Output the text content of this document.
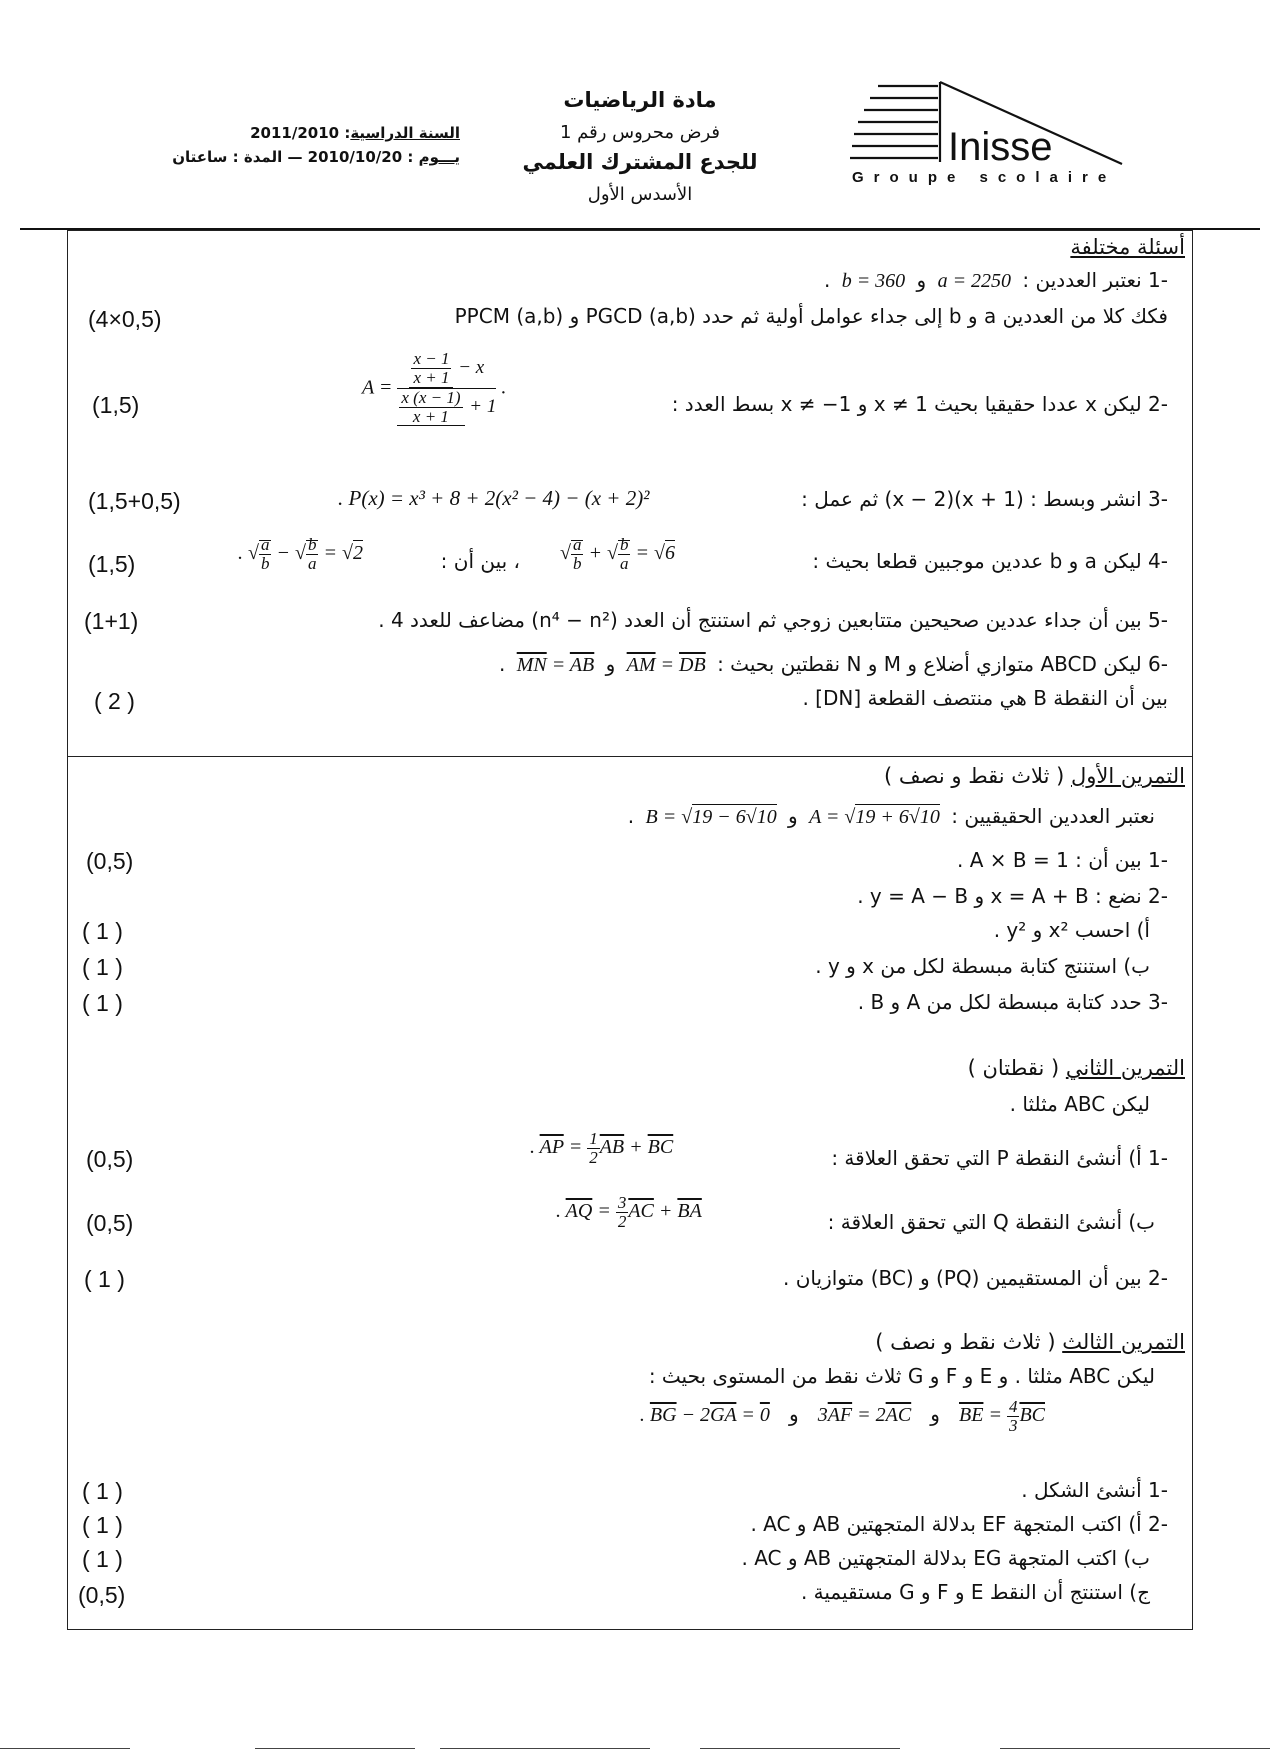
Inisse
Groupe scolaire
مادة الرياضيات
فرض محروس رقم 1
للجدع المشترك العلمي
الأسدس الأول
السنة الدراسية: 2011/2010
يـــوم : 2010/10/20 — المدة : ساعتان
أسئلة مختلفة
-1 نعتبر العددين :  a = 2250  و  b = 360  .
فكك كلا من العددين a و b إلى جداء عوامل أولية ثم حدد PGCD (a,b) و PPCM (a,b)
(4×0,5)
-2 ليكن x عددا حقيقيا بحيث x ≠ 1 و x ≠ −1 بسط العدد :
$A = \frac{\frac{x - 1}{x + 1} - x}{\frac{x (x - 1)}{x + 1} + 1}$ .
(1,5)
-3 انشر وبسط : (x + 1)(x − 2) ثم عمل :
. P(x) = x³ + 8 + 2(x² − 4) − (x + 2)²
(1,5+0,5)
-4 ليكن a و b عددين موجبين قطعا بحيث :
√ $\frac{a}{b}$ + √ $\frac{b}{a} = √6$
، بين أن :
. √ $\frac{a}{b}$ − √ $\frac{b}{a} = √2$
(1,5)
-5 بين أن جداء عددين صحيحين متتابعين زوجي ثم استنتج أن العدد (n⁴ − n²) مضاعف للعدد 4 .
(1+1)
-6 ليكن ABCD متوازي أضلاع و M و N نقطتين بحيث :  $\overline{AM} = \overline{DB}$  و  $\overline{MN} = \overline{AB}$  .
بين أن النقطة B هي منتصف القطعة [DN] .
( 2 )
التمرين الأول ( ثلاث نقط و نصف )
نعتبر العددين الحقيقيين :  A = √19 + 6√10  و  B = √19 − 6√10  .
-1 بين أن : A × B = 1 .
(0,5)
-2 نضع : x = A + B و y = A − B .
أ) احسب x² و y² .
( 1 )
ب) استنتج كتابة مبسطة لكل من x و y .
( 1 )
-3 حدد كتابة مبسطة لكل من A و B .
( 1 )
التمرين الثاني ( نقطتان )
ليكن ABC مثلثا .
-1 أ) أنشئ النقطة P التي تحقق العلاقة :
. $\overline{AP} = \frac{1}{2} \overline{AB} + \overline{BC}$
(0,5)
ب) أنشئ النقطة Q التي تحقق العلاقة :
. $\overline{AQ} = \frac{3}{2} \overline{AC} + \overline{BA}$
(0,5)
-2 بين أن المستقيمين (PQ) و (BC) متوازيان .
( 1 )
التمرين الثالث ( ثلاث نقط و نصف )
ليكن ABC مثلثا . و E و F و G ثلاث نقط من المستوى بحيث :
$\overline{BE} = \frac{4}{3} \overline{BC}$   و   $3\overline{AF} = 2\overline{AC}$   و   . $\overline{BG} - 2\overline{GA} = 0$
-1 أنشئ الشكل .
( 1 )
-2 أ) اكتب المتجهة EF بدلالة المتجهتين AB و AC .
( 1 )
ب) اكتب المتجهة EG بدلالة المتجهتين AB و AC .
( 1 )
ج) استنتج أن النقط E و F و G مستقيمية .
(0,5)
